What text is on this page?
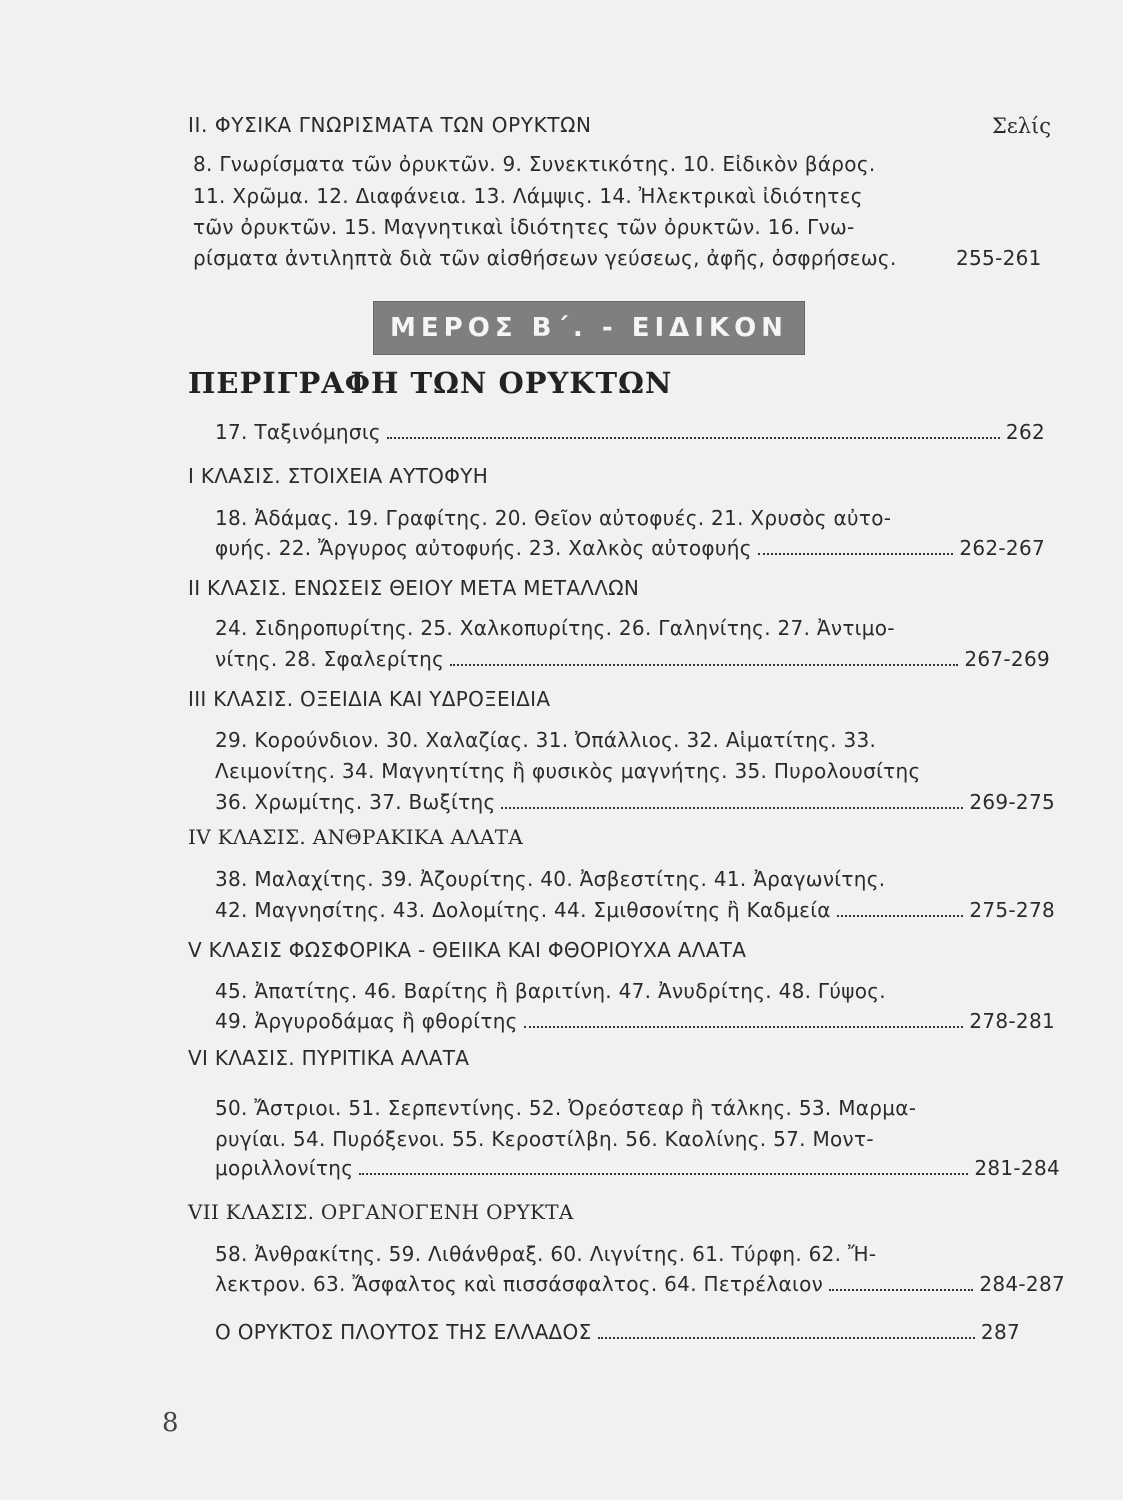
II. ΦΥΣΙΚΑ ΓΝΩΡΙΣΜΑΤΑ ΤΩΝ ΟΡΥΚΤΩΝ	Σελίς
8. Γνωρίσματα τῶν ὀρυκτῶν. 9. Συνεκτικότης. 10. Εἰδικὸν βάρος.
11. Χρῶμα. 12. Διαφάνεια. 13. Λάμψις. 14. Ἠλεκτρικαὶ ἰδιότητες
τῶν ὀρυκτῶν. 15. Μαγνητικαὶ ἰδιότητες τῶν ὀρυκτῶν. 16. Γνω-
ρίσματα ἀντιληπτὰ διὰ τῶν αἰσθήσεων γεύσεως, ἀφῆς, ὀσφρήσεως.	255-261
ΜΕΡΟΣ Β΄. - ΕΙΔΙΚΟΝ
ΠΕΡΙΓΡΑΦΗ ΤΩΝ ΟΡΥΚΤΩΝ
17. Ταξινόμησις	262
I ΚΛΑΣΙΣ. ΣΤΟΙΧΕΙΑ ΑΥΤΟΦΥΗ
18. Ἀδάμας. 19. Γραφίτης. 20. Θεῖον αὐτοφυές. 21. Χρυσὸς αὐτο-
φυής. 22. Ἄργυρος αὐτοφυής. 23. Χαλκὸς αὐτοφυής	262-267
II ΚΛΑΣΙΣ. ΕΝΩΣΕΙΣ ΘΕΙΟΥ ΜΕΤΑ ΜΕΤΑΛΛΩΝ
24. Σιδηροπυρίτης. 25. Χαλκοπυρίτης. 26. Γαληνίτης. 27. Ἀντιμο-
νίτης. 28. Σφαλερίτης	267-269
III ΚΛΑΣΙΣ. ΟΞΕΙΔΙΑ ΚΑΙ ΥΔΡΟΞΕΙΔΙΑ
29. Κορούνδιον. 30. Χαλαζίας. 31. Ὀπάλλιος. 32. Αἱματίτης. 33.
Λειμονίτης. 34. Μαγνητίτης ἢ φυσικὸς μαγνήτης. 35. Πυρολουσίτης
36. Χρωμίτης. 37. Βωξίτης	269-275
IV ΚΛΑΣΙΣ. ΑΝΘΡΑΚΙΚΑ ΑΛΑΤΑ
38. Μαλαχίτης. 39. Ἀζουρίτης. 40. Ἀσβεστίτης. 41. Ἀραγωνίτης.
42. Μαγνησίτης. 43. Δολομίτης. 44. Σμιθσονίτης ἢ Καδμεία	275-278
V ΚΛΑΣΙΣ ΦΩΣΦΟΡΙΚΑ - ΘΕΙΙΚΑ ΚΑΙ ΦΘΟΡΙΟΥΧΑ ΑΛΑΤΑ
45. Ἀπατίτης. 46. Βαρίτης ἢ βαριτίνη. 47. Ἀνυδρίτης. 48. Γύψος.
49. Ἀργυροδάμας ἢ φθορίτης	278-281
VI ΚΛΑΣΙΣ. ΠΥΡΙΤΙΚΑ ΑΛΑΤΑ
50. Ἄστριοι. 51. Σερπεντίνης. 52. Ὀρεόστεαρ ἢ τάλκης. 53. Μαρμα-
ρυγίαι. 54. Πυρόξενοι. 55. Κεροστίλβη. 56. Καολίνης. 57. Μοντ-
μοριλλονίτης	281-284
VII ΚΛΑΣΙΣ. ΟΡΓΑΝΟΓΕΝΗ ΟΡΥΚΤΑ
58. Ἀνθρακίτης. 59. Λιθάνθραξ. 60. Λιγνίτης. 61. Τύρφη. 62. Ἤ-
λεκτρον. 63. Ἄσφαλτος καὶ πισσάσφαλτος. 64. Πετρέλαιον	284-287
Ο ΟΡΥΚΤΟΣ ΠΛΟΥΤΟΣ ΤΗΣ ΕΛΛΑΔΟΣ	287
8
